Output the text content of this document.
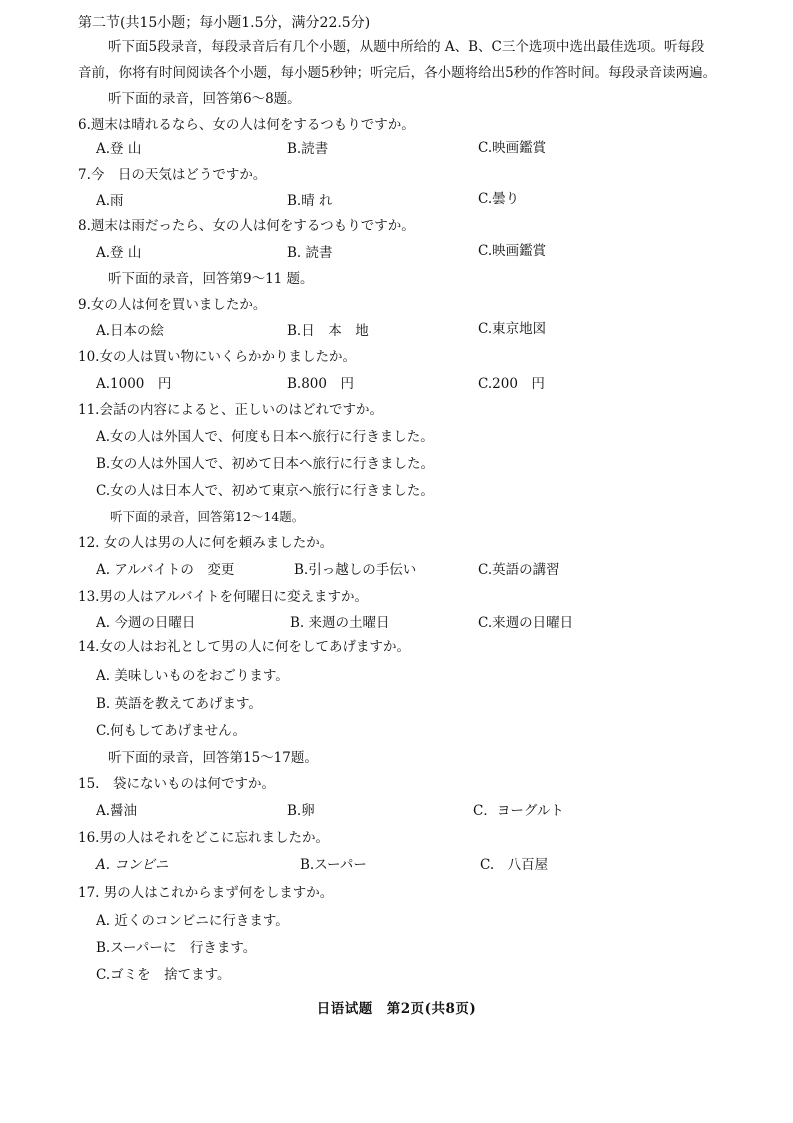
第二节(共15小题；每小题1.5分，满分22.5分)
听下面5段录音，每段录音后有几个小题，从题中所给的 A、B、C三个选项中选出最佳选项。听每段
音前，你将有时间阅读各个小题，每小题5秒钟；听完后，各小题将给出5秒的作答时间。每段录音读两遍。
听下面的录音，回答第6～8题。
6.週末は晴れるなら、女の人は何をするつもりですか。
A.登 山	B.読書	C.映画鑑賞
7.今　日の天気はどうですか。
A.雨	B.晴 れ	C.曇り
8.週末は雨だったら、女の人は何をするつもりですか。
A.登 山	B. 読書	C.映画鑑賞
听下面的录音，回答第9～11 题。
9.女の人は何を買いましたか。
A.日本の絵	B.日　本　地	C.東京地図
10.女の人は買い物にいくらかかりましたか。
A.1000　円	B.800　円	C.200　円
11.会話の内容によると、正しいのはどれですか。
A.女の人は外国人で、何度も日本へ旅行に行きました。
B.女の人は外国人で、初めて日本へ旅行に行きました。
C.女の人は日本人で、初めて東京へ旅行に行きました。
听下面的录音，回答第12～14题。
12. 女の人は男の人に何を頼みましたか。
A. アルバイトの　変更	B.引っ越しの手伝い	C.英語の講習
13.男の人はアルバイトを何曜日に変えますか。
A. 今週の日曜日	B. 来週の土曜日	C.来週の日曜日
14.女の人はお礼として男の人に何をしてあげますか。
A. 美味しいものをおごります。
B. 英語を教えてあげます。
C.何もしてあげません。
听下面的录音，回答第15～17题。
15.　袋にないものは何ですか。
A.醤油	B.卵	C．ヨーグルト
16.男の人はそれをどこに忘れましたか。
A. コンビニ	B.スーパー	C.　八百屋
17. 男の人はこれからまず何をしますか。
A. 近くのコンビニに行きます。
B.スーパーに　行きます。
C.ゴミを　捨てます。
日语试题　第2页(共8页)
